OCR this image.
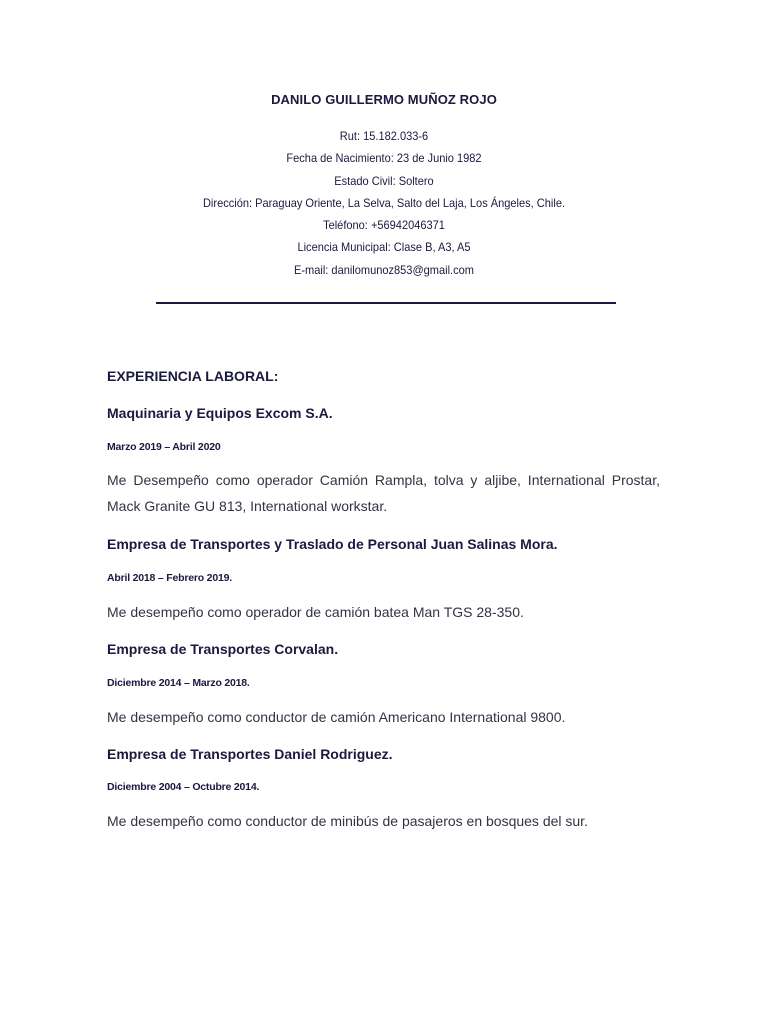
DANILO GUILLERMO MUÑOZ ROJO

Rut: 15.182.033-6

Fecha de Nacimiento: 23 de Junio 1982

Estado Civil: Soltero

Dirección: Paraguay Oriente, La Selva, Salto del Laja, Los Ángeles, Chile.

Teléfono: +56942046371

Licencia Municipal: Clase B, A3, A5

E-mail: danilomunoz853@gmail.com

EXPERIENCIA LABORAL:

Maquinaria y Equipos Excom S.A.

Marzo 2019 – Abril 2020

Me Desempeño como operador Camión Rampla, tolva y aljibe, International Prostar, Mack Granite GU 813, International workstar.

Empresa de Transportes y Traslado de Personal Juan Salinas Mora.

Abril 2018 – Febrero 2019.

Me desempeño como operador de camión batea Man TGS 28-350.

Empresa de Transportes Corvalan.

Diciembre 2014 – Marzo 2018.

Me desempeño como conductor de camión Americano International 9800.

Empresa de Transportes Daniel Rodriguez.

Diciembre 2004 – Octubre 2014.

Me desempeño como conductor de minibús de pasajeros en bosques del sur.
